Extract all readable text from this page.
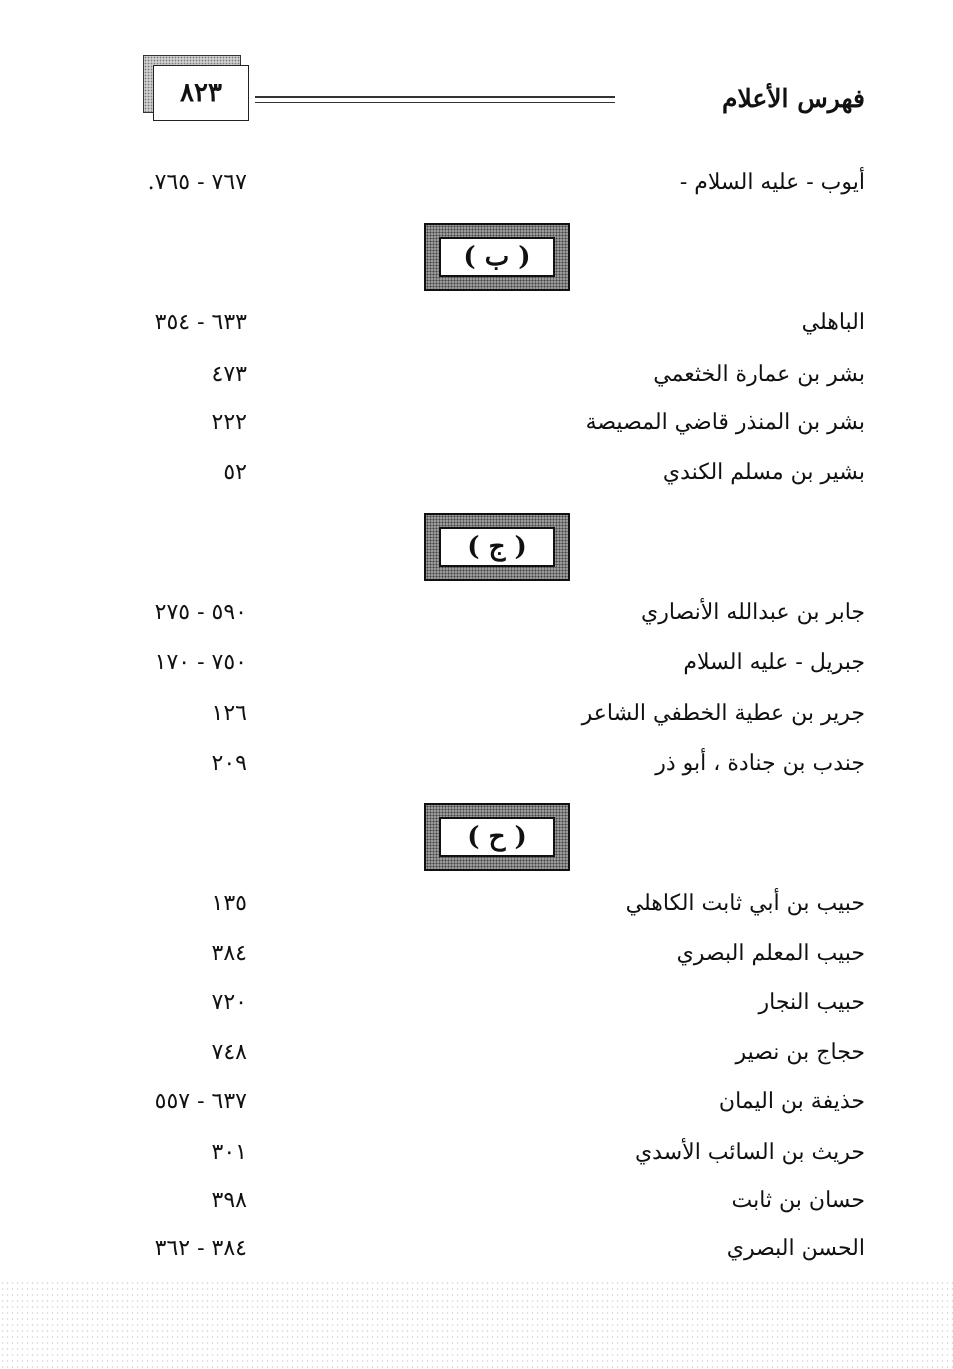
٨٢٣	فهرس الأعلام
أيوب - عليه السلام -
.٧٦٧ - ٧٦٥
( ب )
الباهلي
٦٣٣ - ٣٥٤
بشر بن عمارة الخثعمي
٤٧٣
بشر بن المنذر قاضي المصيصة
٢٢٢
بشير بن مسلم الكندي
٥٢
( ج )
جابر بن عبدالله الأنصاري
٥٩٠ - ٢٧٥
جبريل - عليه السلام
٧٥٠ - ١٧٠
جرير بن عطية الخطفي الشاعر
١٢٦
جندب بن جنادة ، أبو ذر
٢٠٩
( ح )
حبيب بن أبي ثابت الكاهلي
١٣٥
حبيب المعلم البصري
٣٨٤
حبيب النجار
٧٢٠
حجاج بن نصير
٧٤٨
حذيفة بن اليمان
٦٣٧ - ٥٥٧
حريث بن السائب الأسدي
٣٠١
حسان بن ثابت
٣٩٨
الحسن البصري
٣٨٤ - ٣٦٢
